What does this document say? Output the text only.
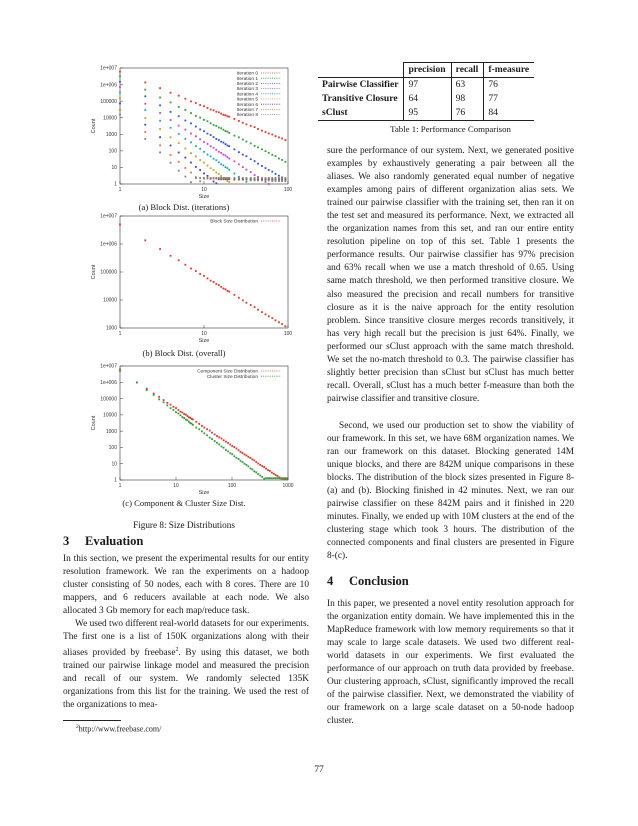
1
10
100
1000
10000
100000
1e+006
1e+007
1	10	100
Size
Count
Iteration 0
Iteration 1
Iteration 2
Iteration 3
Iteration 4
Iteration 5
Iteration 6
Iteration 7
Iteration 8
(a) Block Dist. (iterations)
1000
10000
100000
1e+006
1e+007
1	10	100
Size
Count
Block Size Distribution
(b) Block Dist. (overall)
1
10
100
1000
10000
100000
1e+006
1e+007
1	10	100	1000
Size
Count
Component Size Distribution
Cluster Size Distribution
(c) Component & Cluster Size Dist.
Figure 8: Size Distributions
3 Evaluation

In this section, we present the experimental results for our entity resolution framework. We ran the experiments on a hadoop cluster consisting of 50 nodes, each with 8 cores. There are 10 mappers, and 6 reducers available at each node. We also allocated 3 Gb memory for each map/reduce task.

We used two different real-world datasets for our experiments. The first one is a list of 150K organizations along with their aliases provided by freebase$^2$. By using this dataset, we both trained our pairwise linkage model and measured the precision and recall of our system. We randomly selected 135K organizations from this list for the training. We used the rest of the organizations to mea-

$^2$http://www.freebase.com/
	precision	recall	f-measure
Pairwise Classifier	97	63	76
Transitive Closure	64	98	77
sClust	95	76	84
Table 1: Performance Comparison

sure the performance of our system. Next, we generated positive examples by exhaustively generating a pair between all the aliases. We also randomly generated equal number of negative examples among pairs of different organization alias sets. We trained our pairwise classifier with the training set, then ran it on the test set and measured its performance. Next, we extracted all the organization names from this set, and ran our entire entity resolution pipeline on top of this set. Table 1 presents the performance results. Our pairwise classifier has 97% precision and 63% recall when we use a match threshold of 0.65. Using same match threshold, we then performed transitive closure. We also measured the precision and recall numbers for transitive closure as it is the naive approach for the entity resolution problem. Since transitive closure merges records transitively, it has very high recall but the precision is just 64%. Finally, we performed our sClust approach with the same match threshold. We set the no-match threshold to 0.3. The pairwise classifier has slightly better precision than sClust but sClust has much better recall. Overall, sClust has a much better f-measure than both the pairwise classifier and transitive closure.

Second, we used our production set to show the viability of our framework. In this set, we have 68M organization names. We ran our framework on this dataset. Blocking generated 14M unique blocks, and there are 842M unique comparisons in these blocks. The distribution of the block sizes presented in Figure 8-(a) and (b). Blocking finished in 42 minutes. Next, we ran our pairwise classifier on these 842M pairs and it finished in 220 minutes. Finally, we ended up with 10M clusters at the end of the clustering stage which took 3 hours. The distribution of the connected components and final clusters are presented in Figure 8-(c).

4 Conclusion

In this paper, we presented a novel entity resolution approach for the organization entity domain. We have implemented this in the MapReduce framework with low memory requirements so that it may scale to large scale datasets. We used two different real-world datasets in our experiments. We first evaluated the performance of our approach on truth data provided by freebase. Our clustering approach, sClust, significantly improved the recall of the pairwise classifier. Next, we demonstrated the viability of our framework on a large scale dataset on a 50-node hadoop cluster.

77
